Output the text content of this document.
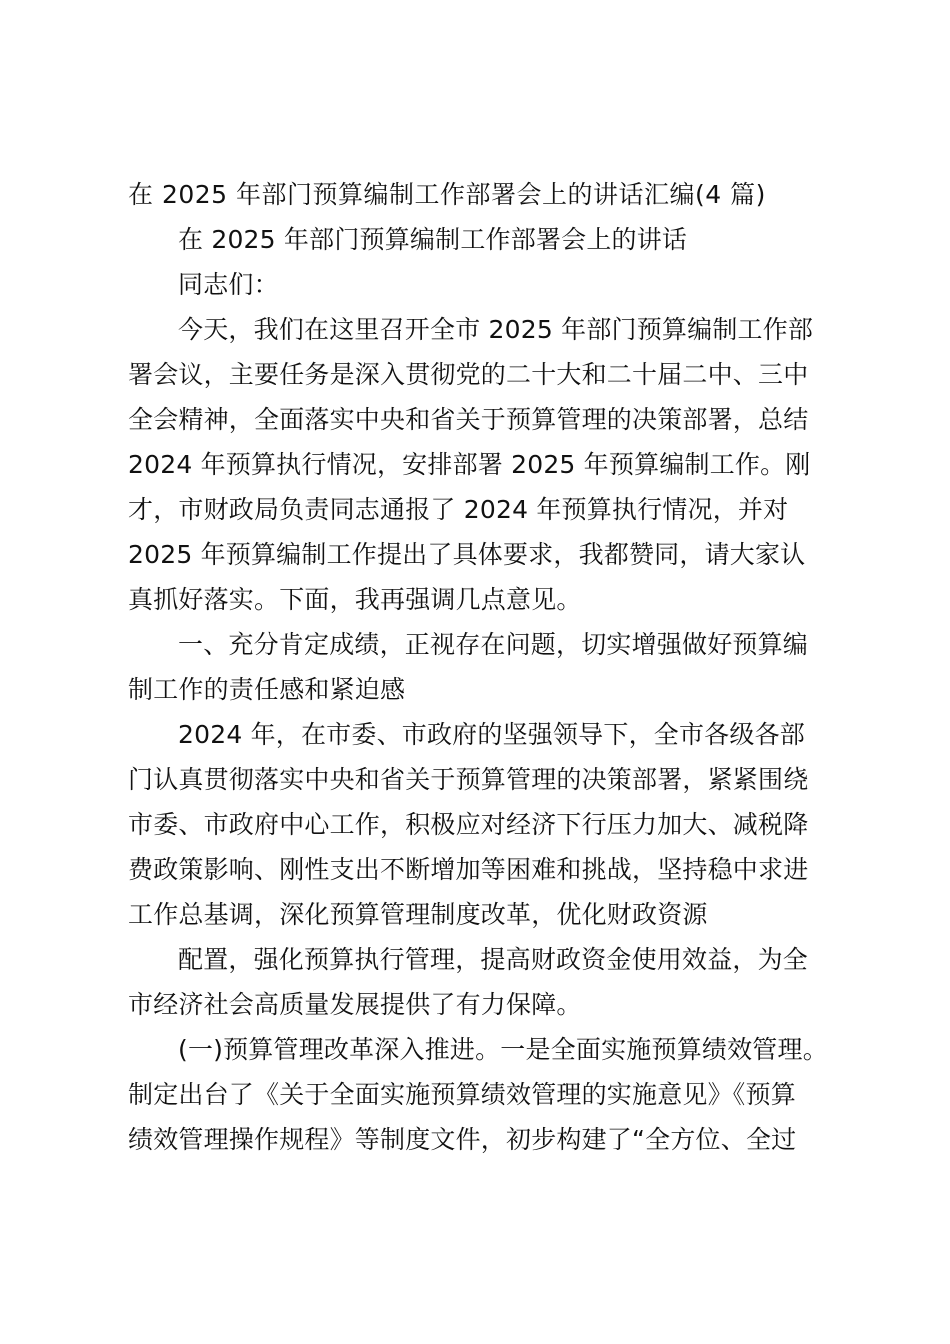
在 2025 年部门预算编制工作部署会上的讲话汇编(4 篇)
在 2025 年部门预算编制工作部署会上的讲话
同志们：
今天，我们在这里召开全市 2025 年部门预算编制工作部
署会议，主要任务是深入贯彻党的二十大和二十届二中、三中
全会精神，全面落实中央和省关于预算管理的决策部署，总结
2024 年预算执行情况，安排部署 2025 年预算编制工作。刚
才，市财政局负责同志通报了 2024 年预算执行情况，并对
2025 年预算编制工作提出了具体要求，我都赞同，请大家认
真抓好落实。下面，我再强调几点意见。
一、充分肯定成绩，正视存在问题，切实增强做好预算编
制工作的责任感和紧迫感
2024 年，在市委、市政府的坚强领导下，全市各级各部
门认真贯彻落实中央和省关于预算管理的决策部署，紧紧围绕
市委、市政府中心工作，积极应对经济下行压力加大、减税降
费政策影响、刚性支出不断增加等困难和挑战，坚持稳中求进
工作总基调，深化预算管理制度改革，优化财政资源
配置，强化预算执行管理，提高财政资金使用效益，为全
市经济社会高质量发展提供了有力保障。
(一)预算管理改革深入推进。一是全面实施预算绩效管理。
制定出台了《关于全面实施预算绩效管理的实施意见》《预算
绩效管理操作规程》等制度文件，初步构建了“全方位、全过
